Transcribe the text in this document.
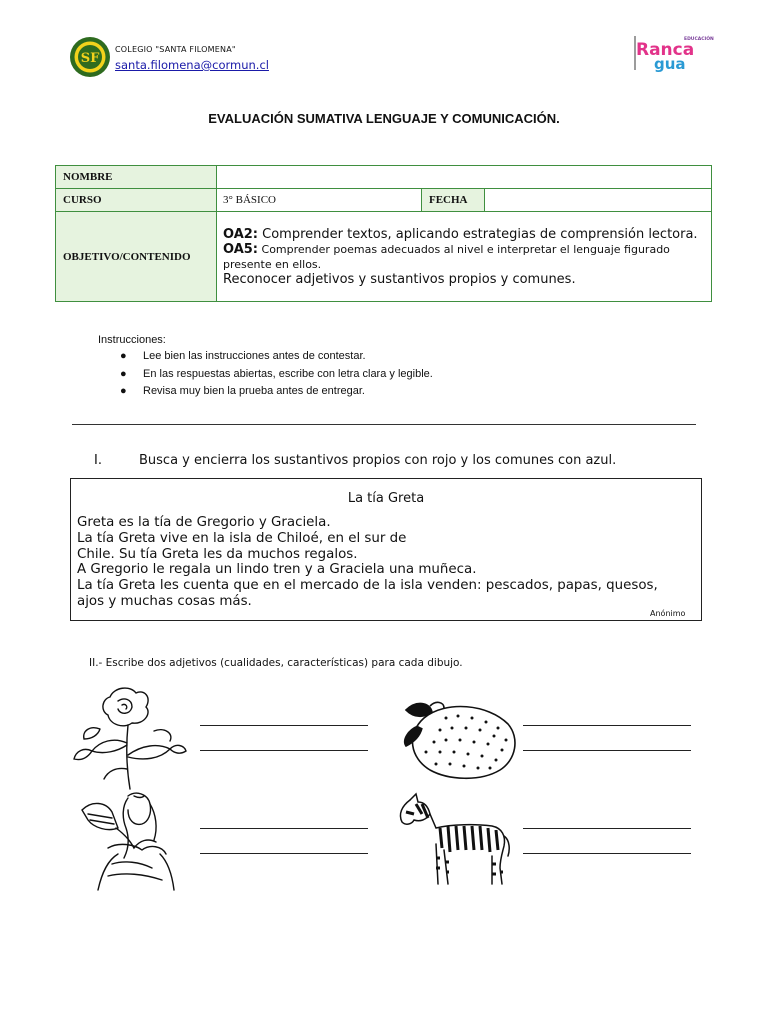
SF
COLEGIO "SANTA FILOMENA"
santa.filomena@cormun.cl
EDUCACIÓN
Ranca
gua
EVALUACIÓN SUMATIVA LENGUAJE Y COMUNICACIÓN.
NOMBRE			
CURSO	3° BÁSICO	FECHA	
OBJETIVO/CONTENIDO	OA2: Comprender textos, aplicando estrategias de comprensión lectora.
OA5: Comprender poemas adecuados al nivel e interpretar el lenguaje figurado presente en ellos.
Reconocer adjetivos y sustantivos propios y comunes.		
Instrucciones:
● Lee bien las instrucciones antes de contestar.
● En las respuestas abiertas, escribe con letra clara y legible.
● Revisa muy bien la prueba antes de entregar.
I.	Busca y encierra los sustantivos propios con rojo y los comunes con azul.
La tía Greta
Greta es la tía de Gregorio y Graciela.
La tía Greta vive en la isla de Chiloé, en el sur de
Chile. Su tía Greta les da muchos regalos.
A Gregorio le regala un lindo tren y a Graciela una muñeca.
La tía Greta les cuenta que en el mercado de la isla venden: pescados, papas, quesos,
ajos y muchas cosas más.
Anónimo
II.- Escribe dos adjetivos (cualidades, características) para cada dibujo.
